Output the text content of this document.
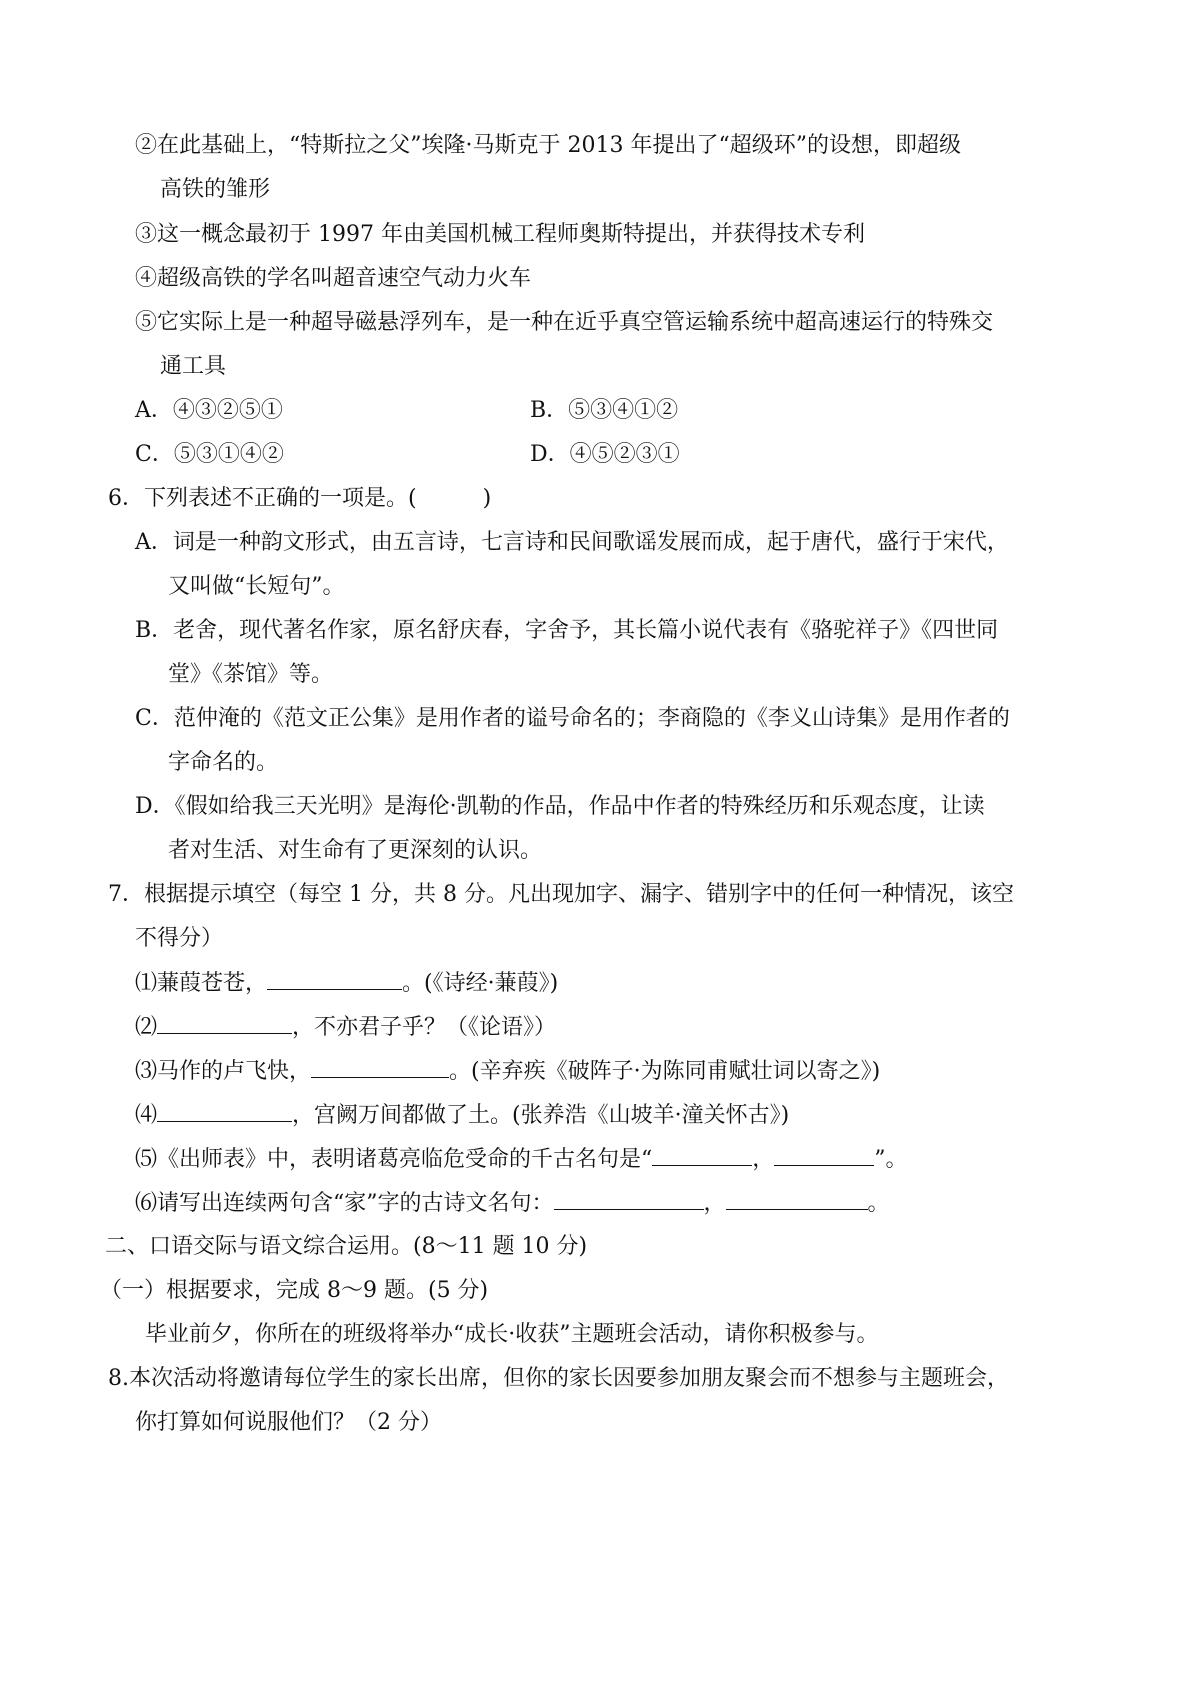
②在此基础上，“特斯拉之父”埃隆·马斯克于 2013 年提出了“超级环”的设想，即超级
高铁的雏形
③这一概念最初于 1997 年由美国机械工程师奥斯特提出，并获得技术专利
④超级高铁的学名叫超音速空气动力火车
⑤它实际上是一种超导磁悬浮列车，是一种在近乎真空管运输系统中超高速运行的特殊交
通工具
A．④③②⑤①	B．⑤③④①②
C．⑤③①④②	D．④⑤②③①
6．下列表述不正确的一项是。(　　　)
A．词是一种韵文形式，由五言诗，七言诗和民间歌谣发展而成，起于唐代，盛行于宋代，
又叫做“长短句”。
B．老舍，现代著名作家，原名舒庆春，字舍予，其长篇小说代表有《骆驼祥子》《四世同
堂》《茶馆》等。
C．范仲淹的《范文正公集》是用作者的谥号命名的；李商隐的《李义山诗集》是用作者的
字命名的。
D．《假如给我三天光明》是海伦·凯勒的作品，作品中作者的特殊经历和乐观态度，让读
者对生活、对生命有了更深刻的认识。
7．根据提示填空（每空 1 分，共 8 分。凡出现加字、漏字、错别字中的任何一种情况，该空
不得分）
⑴蒹葭苍苍，	。(《诗经·蒹葭》)
⑵	，不亦君子乎？（《论语》）
⑶马作的卢飞快，	。(辛弃疾《破阵子·为陈同甫赋壮词以寄之》)
⑷	，宫阙万间都做了土。(张养浩《山坡羊·潼关怀古》)
⑸《出师表》中，表明诸葛亮临危受命的千古名句是“	，	”。
⑹请写出连续两句含“家”字的古诗文名句：	，	。
二、口语交际与语文综合运用。(8～11 题 10 分)
（一）根据要求，完成 8～9 题。(5 分)
毕业前夕，你所在的班级将举办“成长·收获”主题班会活动，请你积极参与。
8.本次活动将邀请每位学生的家长出席，但你的家长因要参加朋友聚会而不想参与主题班会，
你打算如何说服他们？（2 分）
